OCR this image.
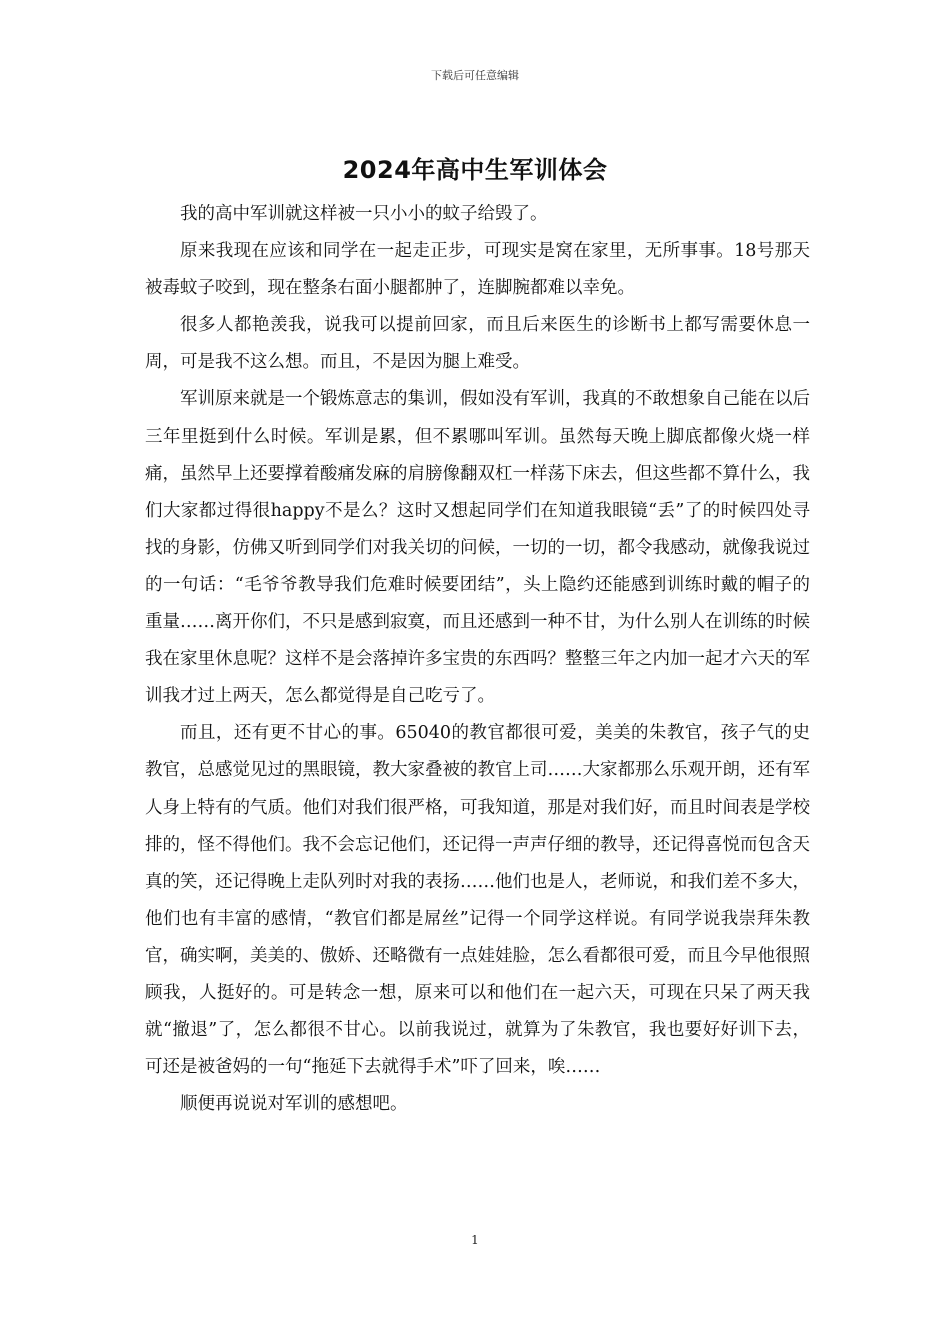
下载后可任意编辑
2024年高中生军训体会

我的高中军训就这样被一只小小的蚊子给毁了。

原来我现在应该和同学在一起走正步，可现实是窝在家里，无所事事。18号那天被毒蚊子咬到，现在整条右面小腿都肿了，连脚腕都难以幸免。

很多人都艳羡我，说我可以提前回家，而且后来医生的诊断书上都写需要休息一周，可是我不这么想。而且，不是因为腿上难受。

军训原来就是一个锻炼意志的集训，假如没有军训，我真的不敢想象自己能在以后三年里挺到什么时候。军训是累，但不累哪叫军训。虽然每天晚上脚底都像火烧一样痛，虽然早上还要撑着酸痛发麻的肩膀像翻双杠一样荡下床去，但这些都不算什么，我们大家都过得很happy不是么？这时又想起同学们在知道我眼镜“丢”了的时候四处寻找的身影，仿佛又听到同学们对我关切的问候，一切的一切，都令我感动，就像我说过的一句话：“毛爷爷教导我们危难时候要团结”，头上隐约还能感到训练时戴的帽子的重量……离开你们，不只是感到寂寞，而且还感到一种不甘，为什么别人在训练的时候我在家里休息呢？这样不是会落掉许多宝贵的东西吗？整整三年之内加一起才六天的军训我才过上两天，怎么都觉得是自己吃亏了。

而且，还有更不甘心的事。65040的教官都很可爱，美美的朱教官，孩子气的史教官，总感觉见过的黑眼镜，教大家叠被的教官上司……大家都那么乐观开朗，还有军人身上特有的气质。他们对我们很严格，可我知道，那是对我们好，而且时间表是学校排的，怪不得他们。我不会忘记他们，还记得一声声仔细的教导，还记得喜悦而包含天真的笑，还记得晚上走队列时对我的表扬……他们也是人，老师说，和我们差不多大，他们也有丰富的感情，“教官们都是屌丝”记得一个同学这样说。有同学说我崇拜朱教官，确实啊，美美的、傲娇、还略微有一点娃娃脸，怎么看都很可爱，而且今早他很照顾我，人挺好的。可是转念一想，原来可以和他们在一起六天，可现在只呆了两天我就“撤退”了，怎么都很不甘心。以前我说过，就算为了朱教官，我也要好好训下去，可还是被爸妈的一句“拖延下去就得手术”吓了回来，唉……

顺便再说说对军训的感想吧。

1
